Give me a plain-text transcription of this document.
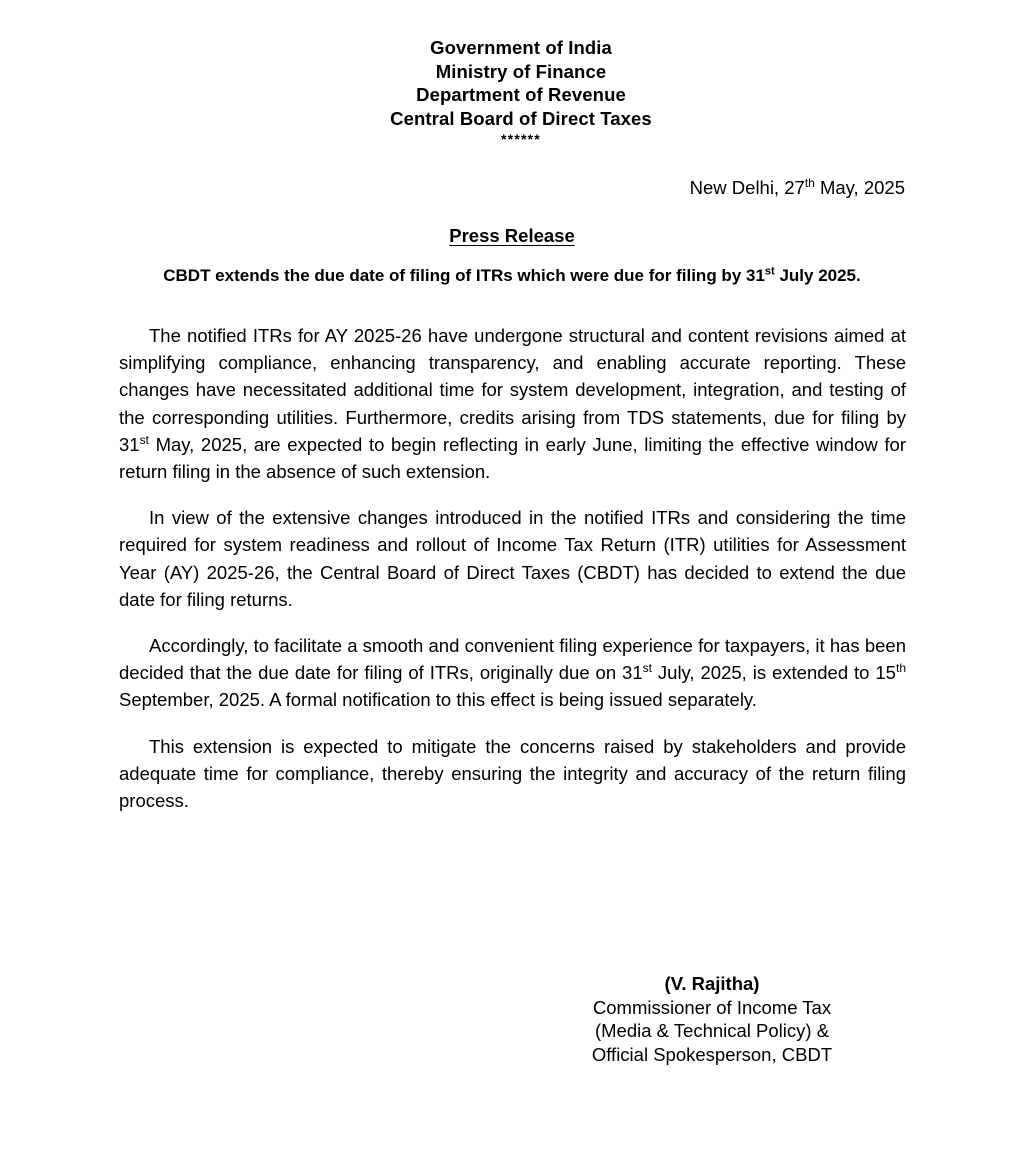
Government of India
Ministry of Finance
Department of Revenue
Central Board of Direct Taxes
******
New Delhi, 27th May, 2025
Press Release
CBDT extends the due date of filing of ITRs which were due for filing by 31st July 2025.

The notified ITRs for AY 2025-26 have undergone structural and content revisions aimed at simplifying compliance, enhancing transparency, and enabling accurate reporting. These changes have necessitated additional time for system development, integration, and testing of the corresponding utilities. Furthermore, credits arising from TDS statements, due for filing by 31st May, 2025, are expected to begin reflecting in early June, limiting the effective window for return filing in the absence of such extension.

In view of the extensive changes introduced in the notified ITRs and considering the time required for system readiness and rollout of Income Tax Return (ITR) utilities for Assessment Year (AY) 2025-26, the Central Board of Direct Taxes (CBDT) has decided to extend the due date for filing returns.

Accordingly, to facilitate a smooth and convenient filing experience for taxpayers, it has been decided that the due date for filing of ITRs, originally due on 31st July, 2025, is extended to 15th September, 2025. A formal notification to this effect is being issued separately.

This extension is expected to mitigate the concerns raised by stakeholders and provide adequate time for compliance, thereby ensuring the integrity and accuracy of the return filing process.

(V. Rajitha)
Commissioner of Income Tax
(Media & Technical Policy) &
Official Spokesperson, CBDT
